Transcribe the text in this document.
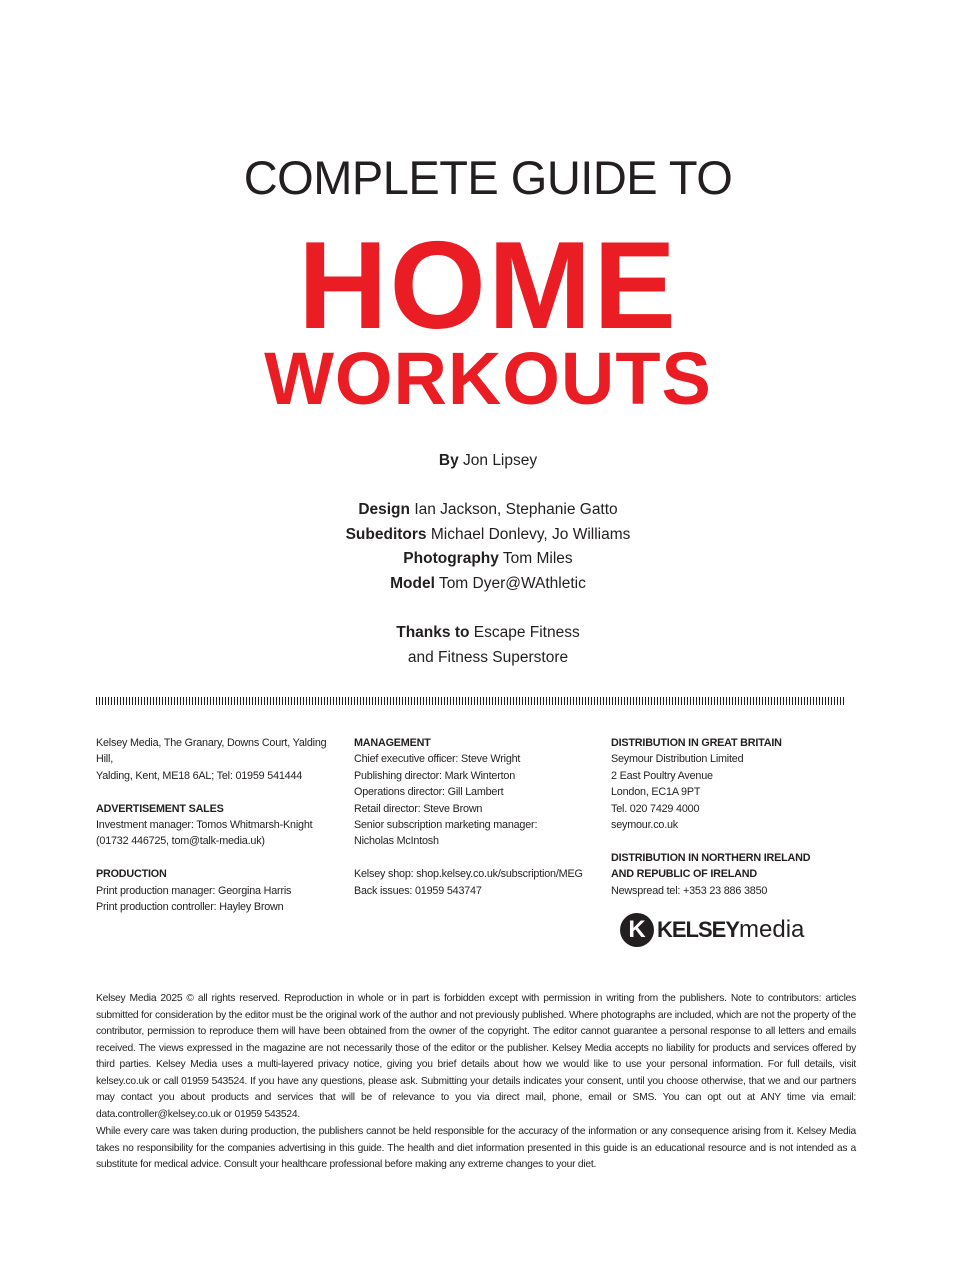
COMPLETE GUIDE TO
HOME
WORKOUTS
By Jon Lipsey
Design Ian Jackson, Stephanie Gatto
Subeditors Michael Donlevy, Jo Williams
Photography Tom Miles
Model Tom Dyer@WAthletic
Thanks to Escape Fitness
and Fitness Superstore
Kelsey Media, The Granary, Downs Court, Yalding Hill,
Yalding, Kent, ME18 6AL; Tel: 01959 541444
ADVERTISEMENT SALES
Investment manager: Tomos Whitmarsh-Knight
(01732 446725, tom@talk-media.uk)
PRODUCTION
Print production manager: Georgina Harris
Print production controller: Hayley Brown
MANAGEMENT
Chief executive officer: Steve Wright
Publishing director: Mark Winterton
Operations director: Gill Lambert
Retail director: Steve Brown
Senior subscription marketing manager:
Nicholas McIntosh
Kelsey shop: shop.kelsey.co.uk/subscription/MEG
Back issues: 01959 543747
DISTRIBUTION IN GREAT BRITAIN
Seymour Distribution Limited
2 East Poultry Avenue
London, EC1A 9PT
Tel. 020 7429 4000
seymour.co.uk
DISTRIBUTION IN NORTHERN IRELAND
AND REPUBLIC OF IRELAND
Newspread tel: +353 23 886 3850
K KELSEY media
Kelsey Media 2025 © all rights reserved. Reproduction in whole or in part is forbidden except with permission in writing from the publishers. Note to contributors: articles submitted for consideration by the editor must be the original work of the author and not previously published. Where photographs are included, which are not the property of the contributor, permission to reproduce them will have been obtained from the owner of the copyright. The editor cannot guarantee a personal response to all letters and emails received. The views expressed in the magazine are not necessarily those of the editor or the publisher. Kelsey Media accepts no liability for products and services offered by third parties. Kelsey Media uses a multi-layered privacy notice, giving you brief details about how we would like to use your personal information. For full details, visit kelsey.co.uk or call 01959 543524. If you have any questions, please ask. Submitting your details indicates your consent, until you choose otherwise, that we and our partners may contact you about products and services that will be of relevance to you via direct mail, phone, email or SMS. You can opt out at ANY time via email: data.controller@kelsey.co.uk or 01959 543524.
While every care was taken during production, the publishers cannot be held responsible for the accuracy of the information or any consequence arising from it. Kelsey Media takes no responsibility for the companies advertising in this guide. The health and diet information presented in this guide is an educational resource and is not intended as a substitute for medical advice. Consult your healthcare professional before making any extreme changes to your diet.
